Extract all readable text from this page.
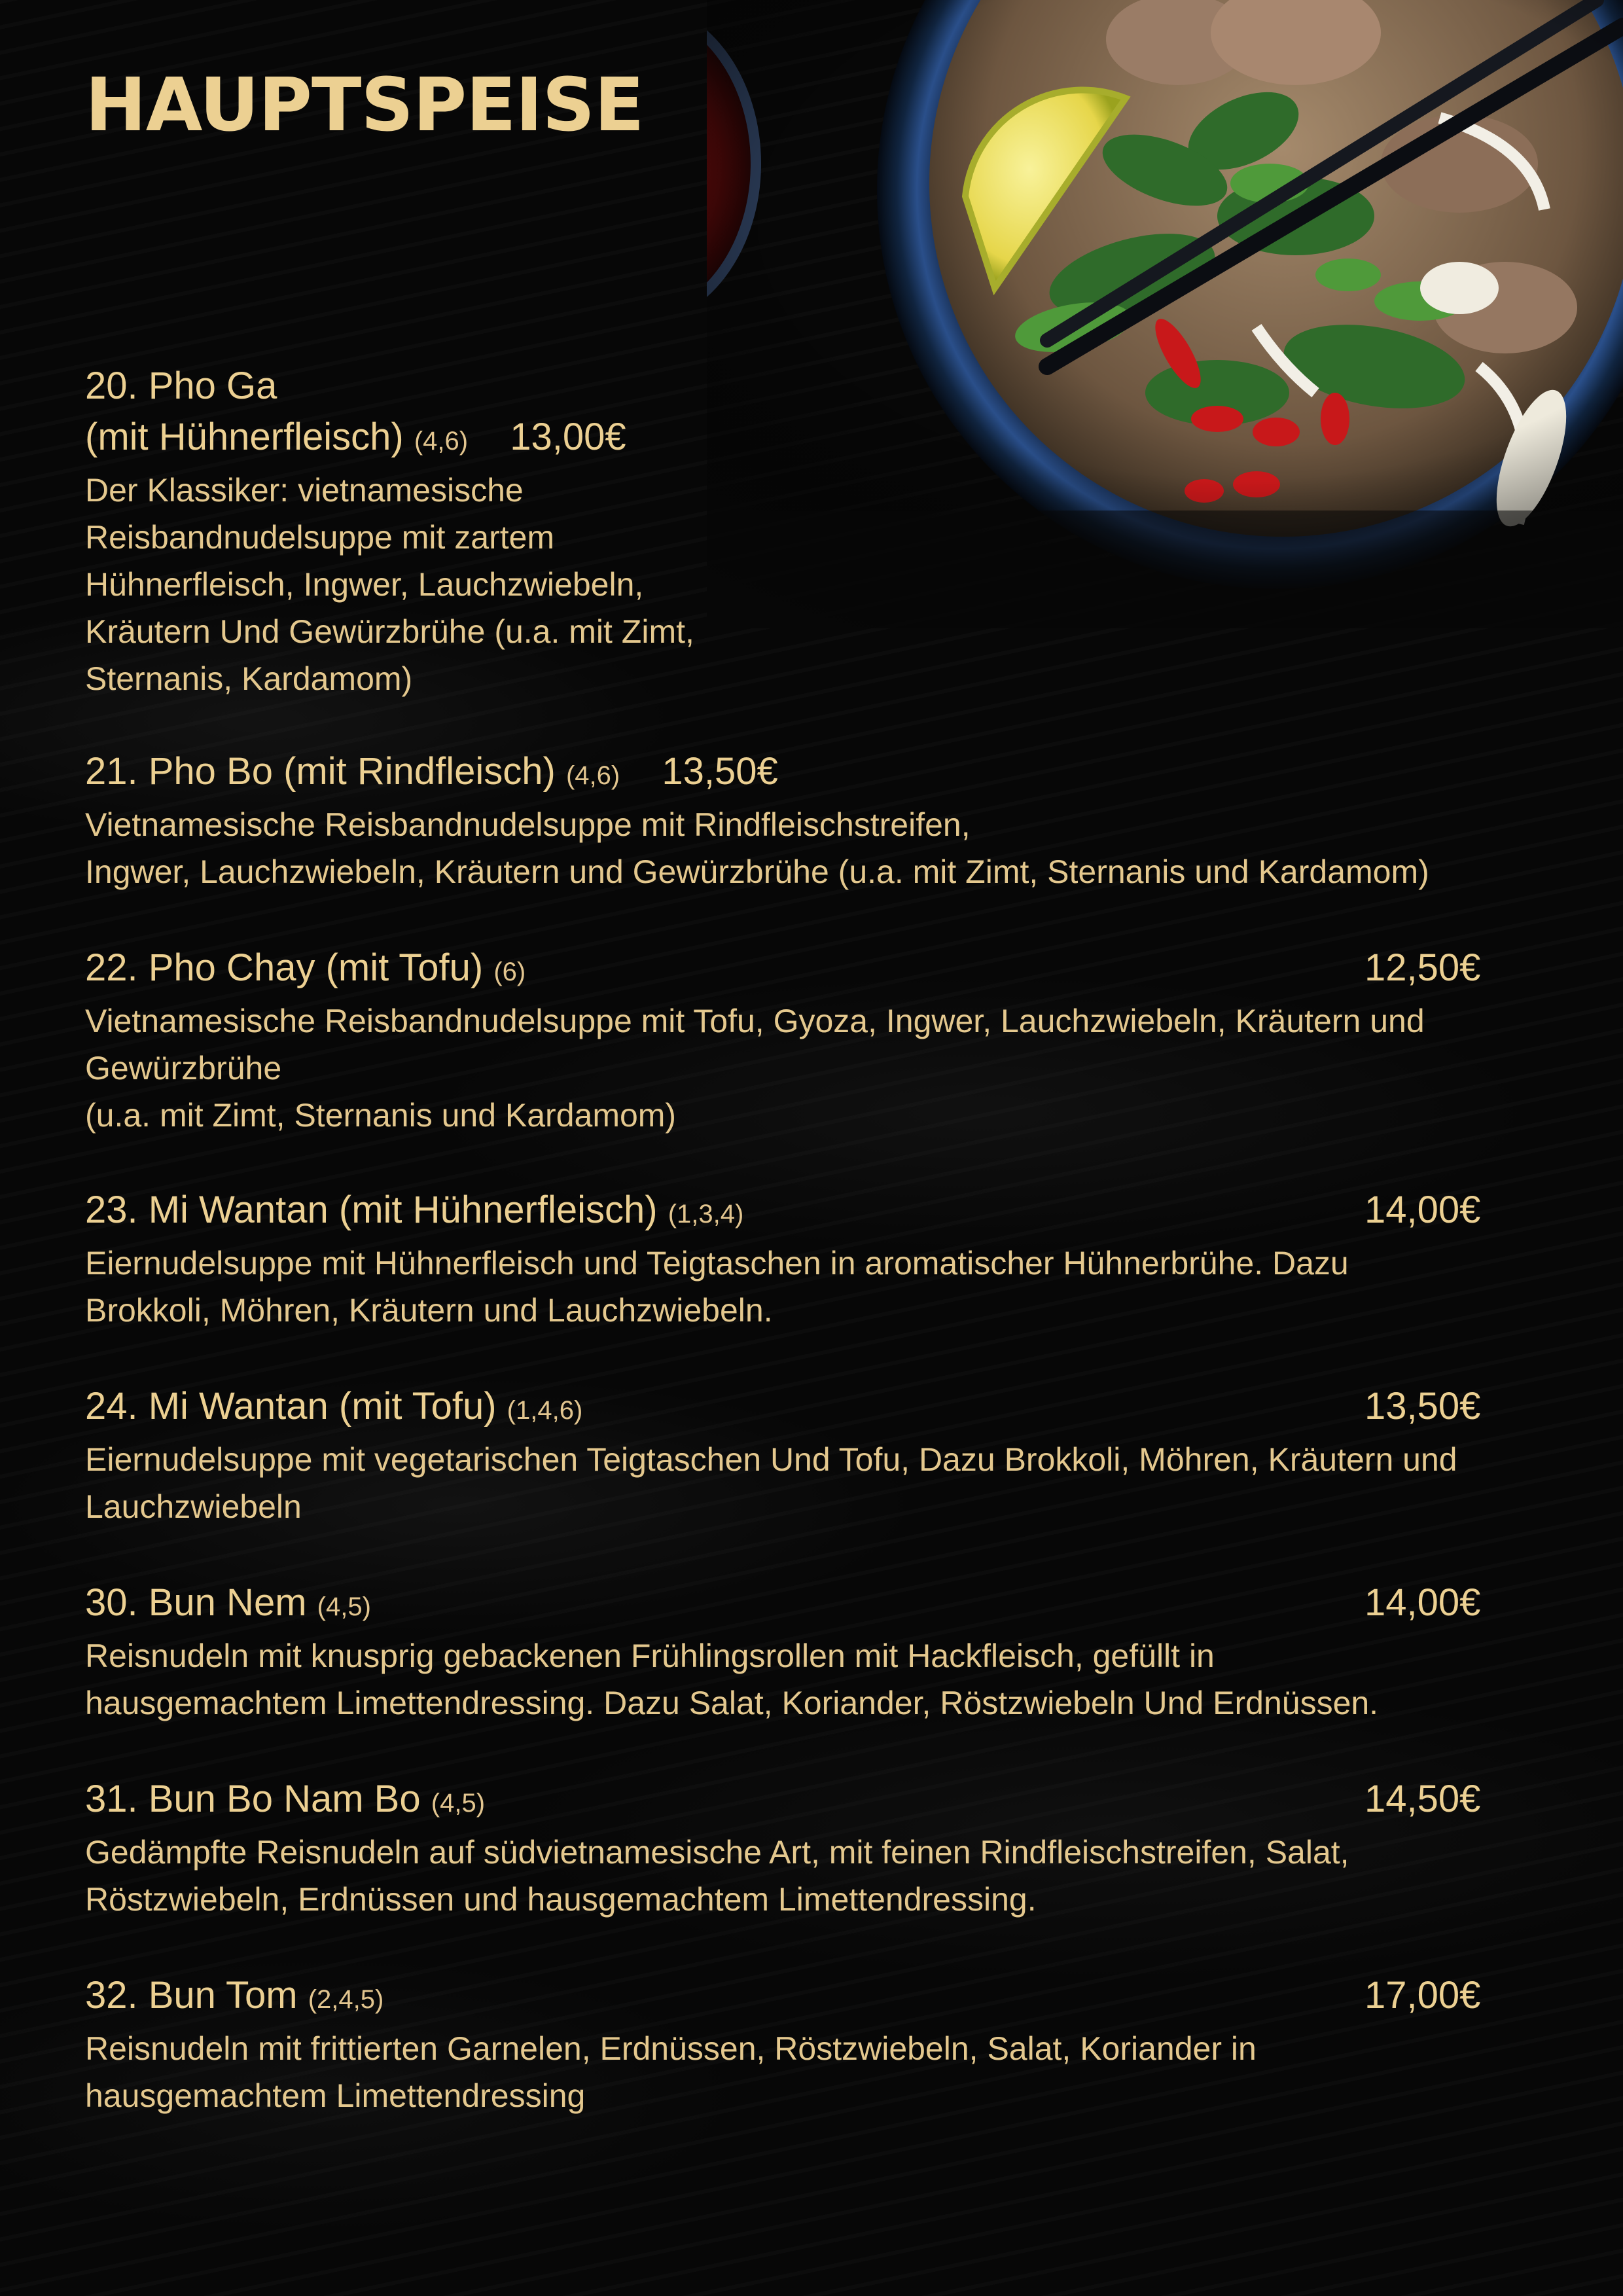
HAUPTSPEISE
20. Pho Ga
(mit Hühnerfleisch) (4,6) 13,00€
Der Klassiker: vietnamesische
Reisbandnudelsuppe mit zartem
Hühnerfleisch, Ingwer, Lauchzwiebeln,
Kräutern Und Gewürzbrühe (u.a. mit Zimt,
Sternanis, Kardamom)
21. Pho Bo (mit Rindfleisch) (4,6) 13,50€
Vietnamesische Reisbandnudelsuppe mit Rindfleischstreifen,
Ingwer, Lauchzwiebeln, Kräutern und Gewürzbrühe (u.a. mit Zimt, Sternanis und Kardamom)
22. Pho Chay (mit Tofu) (6)	12,50€
Vietnamesische Reisbandnudelsuppe mit Tofu, Gyoza, Ingwer, Lauchzwiebeln, Kräutern und
Gewürzbrühe
(u.a. mit Zimt, Sternanis und Kardamom)
23. Mi Wantan (mit Hühnerfleisch) (1,3,4)	14,00€
Eiernudelsuppe mit Hühnerfleisch und Teigtaschen in aromatischer Hühnerbrühe. Dazu
Brokkoli, Möhren, Kräutern und Lauchzwiebeln.
24. Mi Wantan (mit Tofu) (1,4,6)	13,50€
Eiernudelsuppe mit vegetarischen Teigtaschen Und Tofu, Dazu Brokkoli, Möhren, Kräutern und
Lauchzwiebeln
30. Bun Nem (4,5)	14,00€
Reisnudeln mit knusprig gebackenen Frühlingsrollen mit Hackfleisch, gefüllt in
hausgemachtem Limettendressing. Dazu Salat, Koriander, Röstzwiebeln Und Erdnüssen.
31. Bun Bo Nam Bo (4,5)	14,50€
Gedämpfte Reisnudeln auf südvietnamesische Art, mit feinen Rindfleischstreifen, Salat,
Röstzwiebeln, Erdnüssen und hausgemachtem Limettendressing.
32. Bun Tom (2,4,5)	17,00€
Reisnudeln mit frittierten Garnelen, Erdnüssen, Röstzwiebeln, Salat, Koriander in
hausgemachtem Limettendressing
